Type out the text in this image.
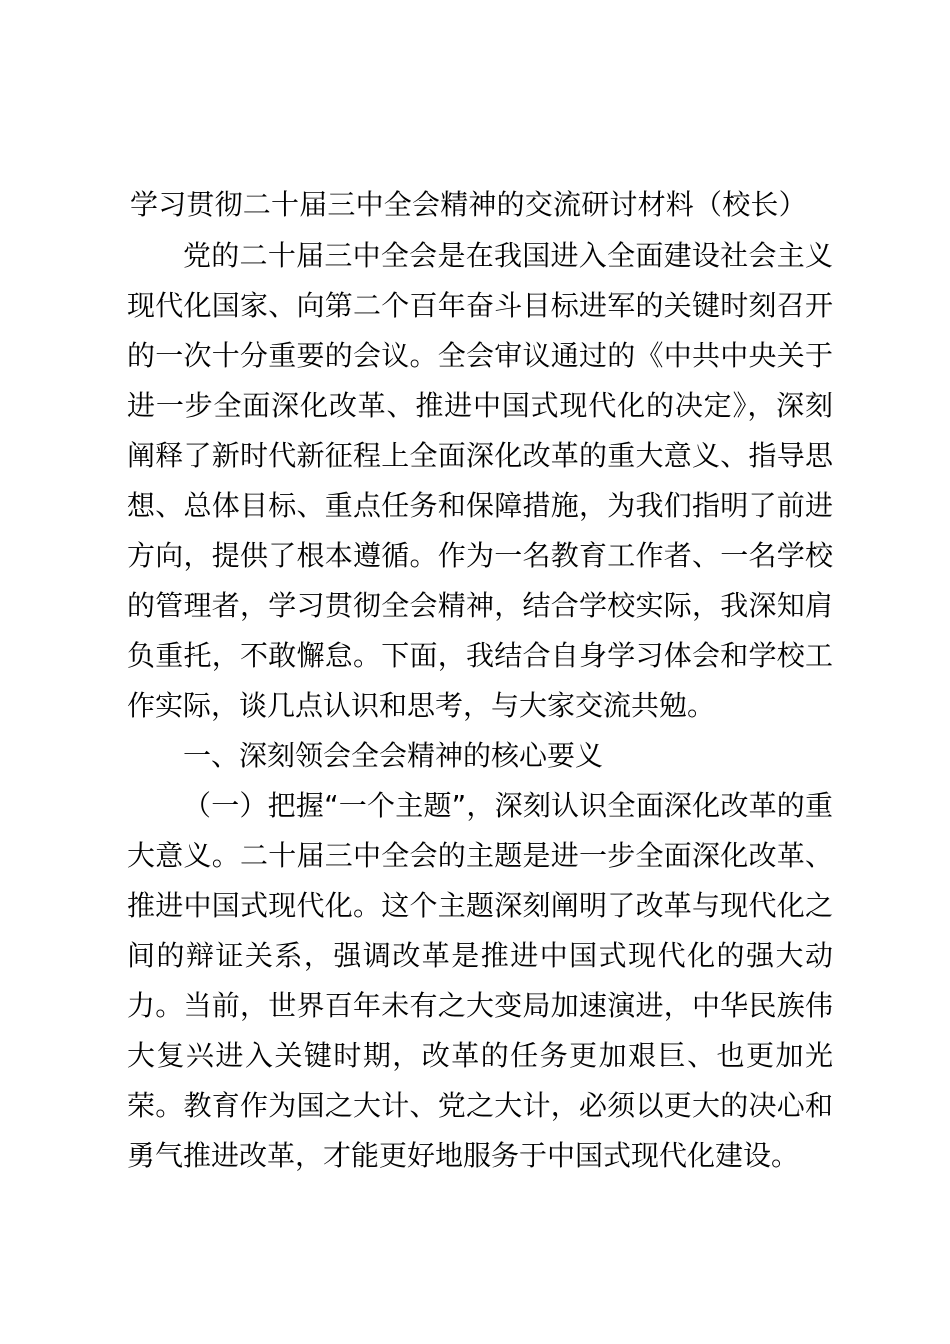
学习贯彻二十届三中全会精神的交流研讨材料（校长）

党的二十届三中全会是在我国进入全面建设社会主义现代化国家、向第二个百年奋斗目标进军的关键时刻召开的一次十分重要的会议。全会审议通过的《中共中央关于进一步全面深化改革、推进中国式现代化的决定》，深刻阐释了新时代新征程上全面深化改革的重大意义、指导思想、总体目标、重点任务和保障措施，为我们指明了前进方向，提供了根本遵循。作为一名教育工作者、一名学校的管理者，学习贯彻全会精神，结合学校实际，我深知肩负重托，不敢懈怠。下面，我结合自身学习体会和学校工作实际，谈几点认识和思考，与大家交流共勉。

一、深刻领会全会精神的核心要义

（一）把握“一个主题”，深刻认识全面深化改革的重大意义。二十届三中全会的主题是进一步全面深化改革、推进中国式现代化。这个主题深刻阐明了改革与现代化之间的辩证关系，强调改革是推进中国式现代化的强大动力。当前，世界百年未有之大变局加速演进，中华民族伟大复兴进入关键时期，改革的任务更加艰巨、也更加光荣。教育作为国之大计、党之大计，必须以更大的决心和勇气推进改革，才能更好地服务于中国式现代化建设。
